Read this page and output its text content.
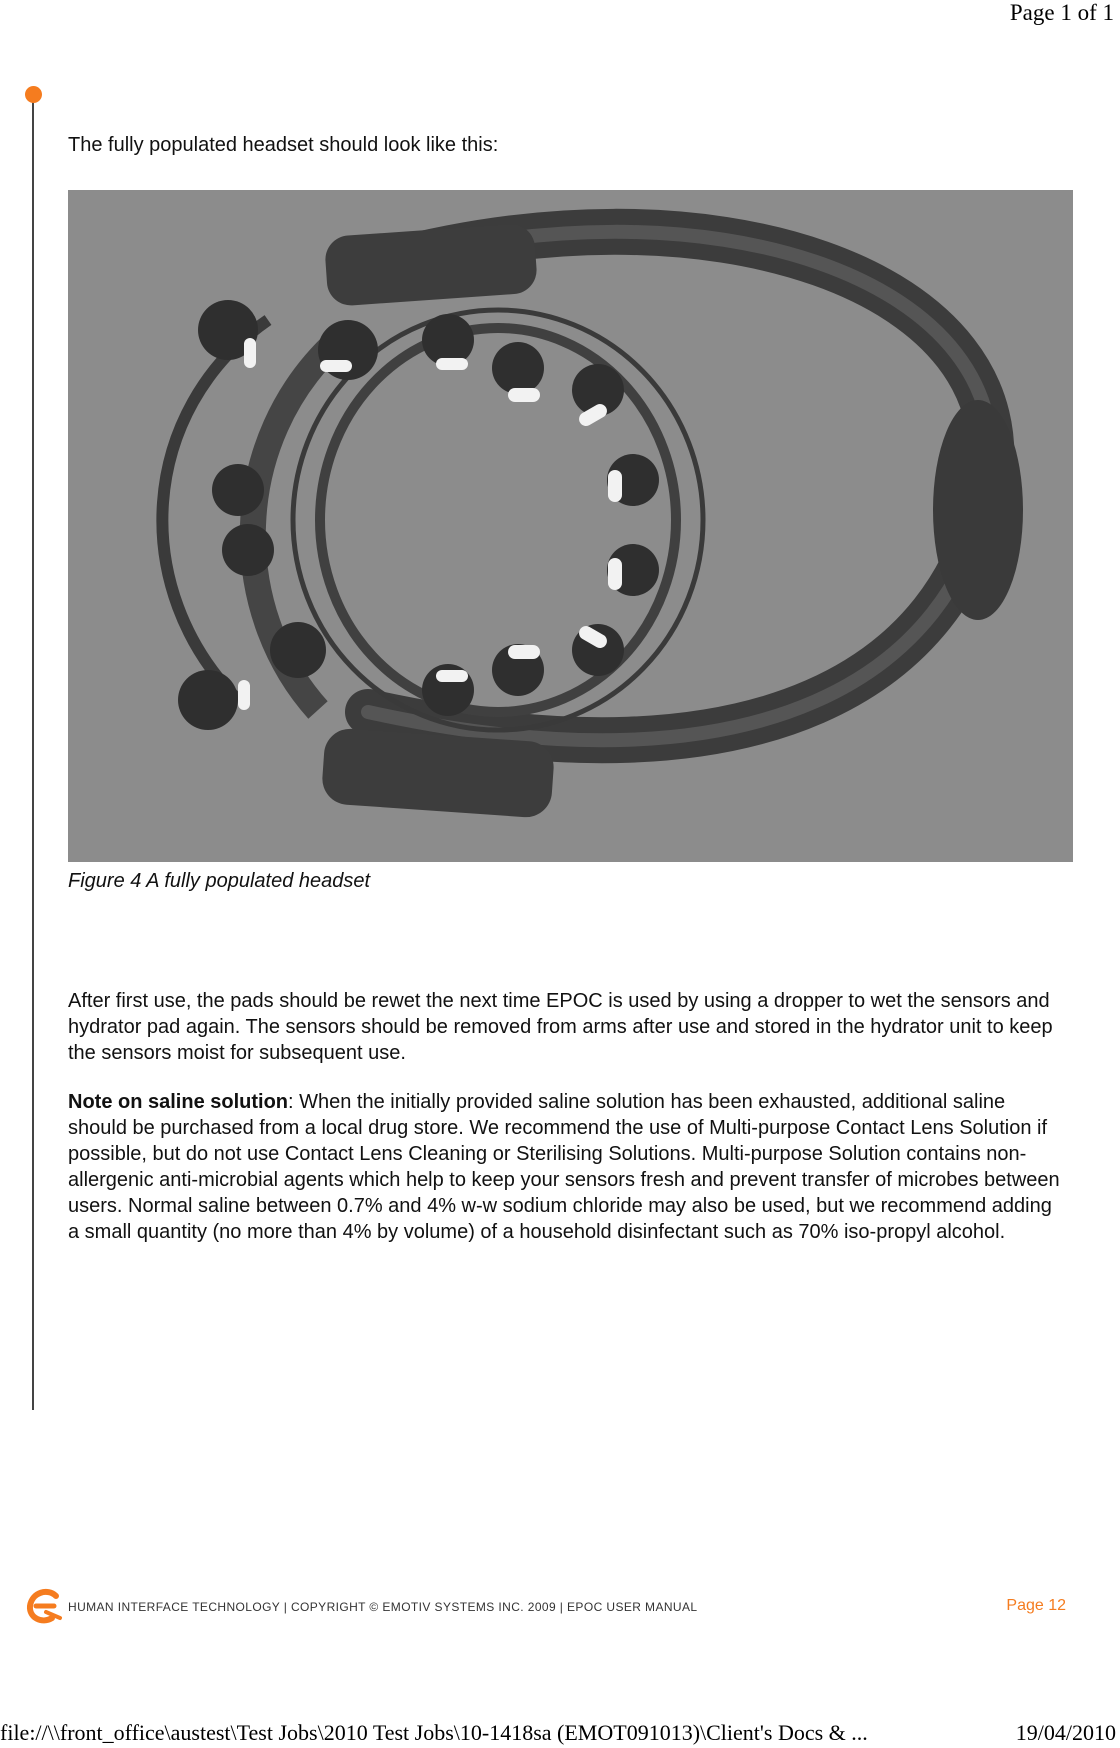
Page 1 of 1
The fully populated headset should look like this:
Figure 4 A fully populated headset

After first use, the pads should be rewet the next time EPOC is used by using a dropper to wet the sensors and hydrator pad again. The sensors should be removed from arms after use and stored in the hydrator unit to keep the sensors moist for subsequent use.

Note on saline solution: When the initially provided saline solution has been exhausted, additional saline should be purchased from a local drug store. We recommend the use of Multi-purpose Contact Lens Solution if possible, but do not use Contact Lens Cleaning or Sterilising Solutions. Multi-purpose Solution contains non-allergenic anti-microbial agents which help to keep your sensors fresh and prevent transfer of microbes between users. Normal saline between 0.7% and 4% w-w sodium chloride may also be used, but we recommend adding a small quantity (no more than 4% by volume) of a household disinfectant such as 70% iso-propyl alcohol.

HUMAN INTERFACE TECHNOLOGY | COPYRIGHT © EMOTIV SYSTEMS INC. 2009 | EPOC USER MANUAL	Page 12
file://\\front_office\austest\Test Jobs\2010 Test Jobs\10-1418sa (EMOT091013)\Client's Docs & ...	19/04/2010
